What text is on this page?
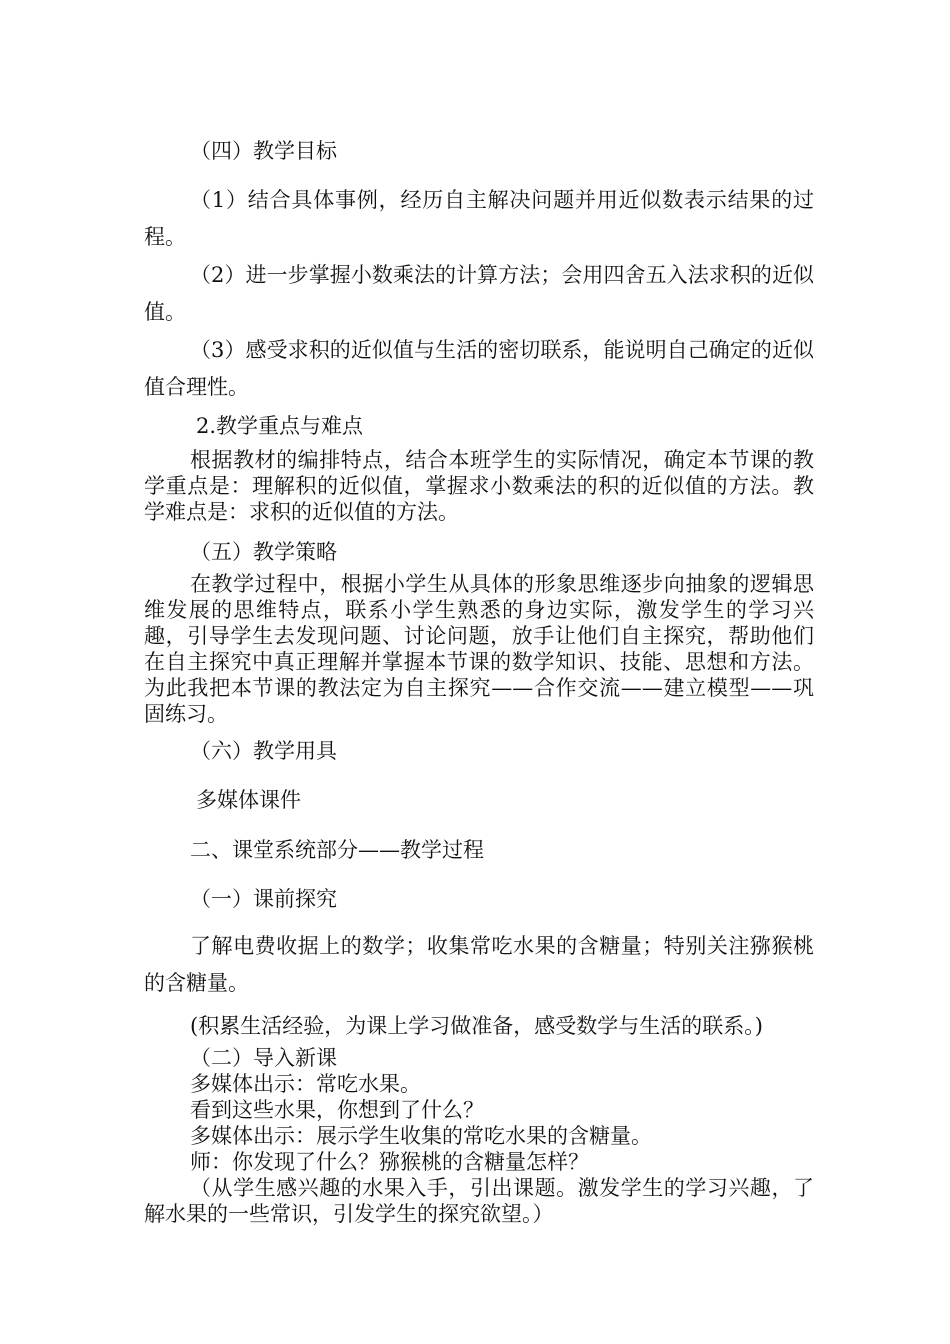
（四）教学目标

（1）结合具体事例，经历自主解决问题并用近似数表示结果的过程。

（2）进一步掌握小数乘法的计算方法；会用四舍五入法求积的近似值。

（3）感受求积的近似值与生活的密切联系，能说明自己确定的近似值合理性。

2.教学重点与难点

根据教材的编排特点，结合本班学生的实际情况，确定本节课的教学重点是：理解积的近似值，掌握求小数乘法的积的近似值的方法。教学难点是：求积的近似值的方法。

（五）教学策略

在教学过程中，根据小学生从具体的形象思维逐步向抽象的逻辑思维发展的思维特点，联系小学生熟悉的身边实际，激发学生的学习兴趣，引导学生去发现问题、讨论问题，放手让他们自主探究，帮助他们在自主探究中真正理解并掌握本节课的数学知识、技能、思想和方法。为此我把本节课的教法定为自主探究——合作交流——建立模型——巩固练习。

（六）教学用具

多媒体课件

二、课堂系统部分——教学过程

（一）课前探究

了解电费收据上的数学；收集常吃水果的含糖量；特别关注猕猴桃的含糖量。

(积累生活经验，为课上学习做准备，感受数学与生活的联系。)

（二）导入新课

多媒体出示：常吃水果。

看到这些水果，你想到了什么？

多媒体出示：展示学生收集的常吃水果的含糖量。

师：你发现了什么？猕猴桃的含糖量怎样？

（从学生感兴趣的水果入手，引出课题。激发学生的学习兴趣，了解水果的一些常识，引发学生的探究欲望。）
